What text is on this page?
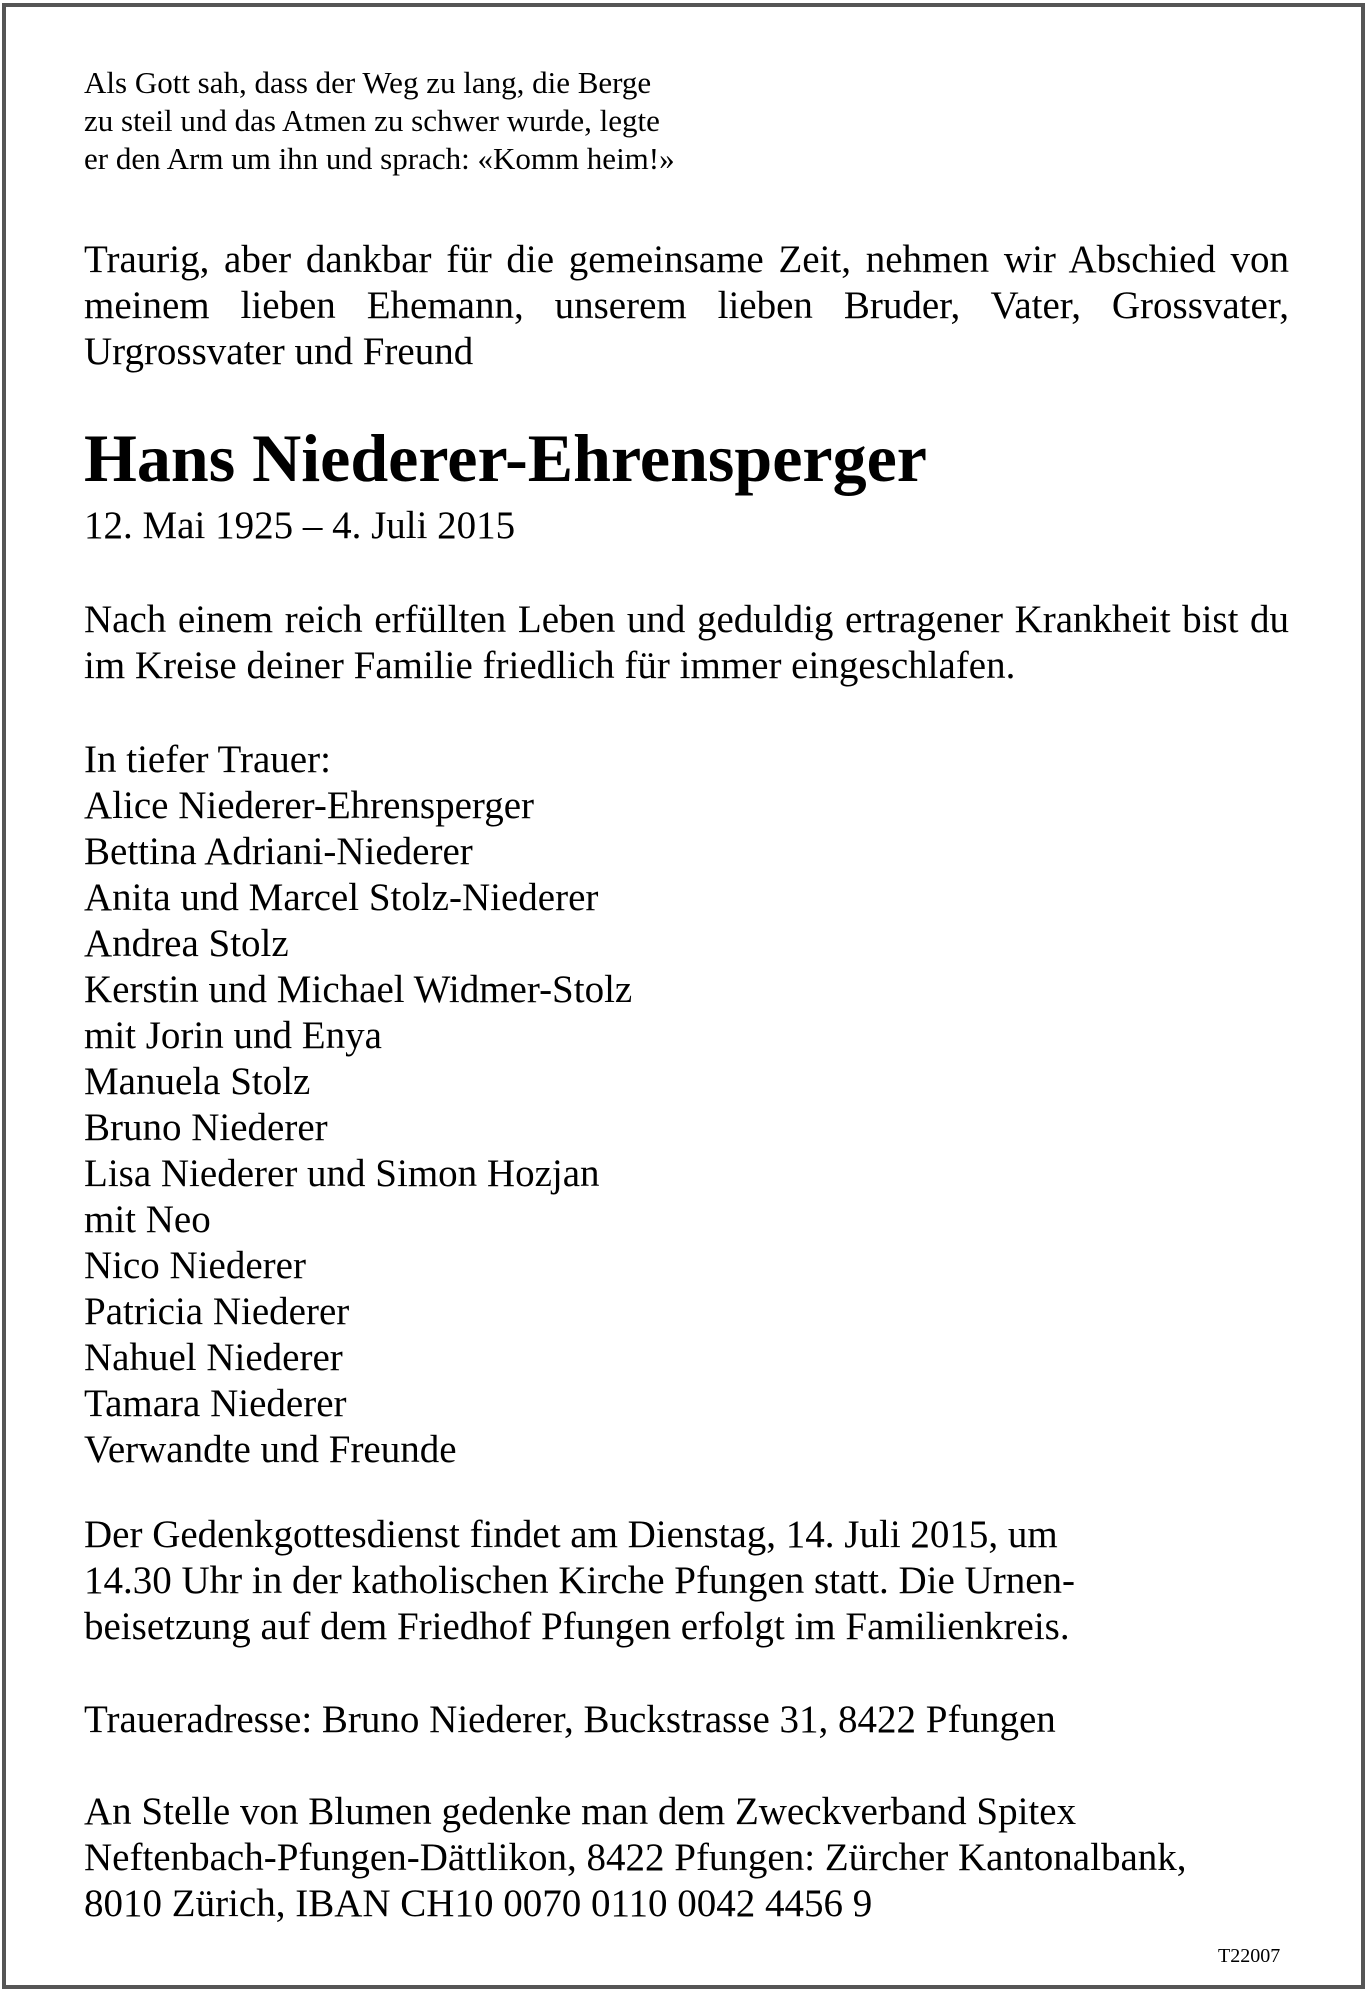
Als Gott sah, dass der Weg zu lang, die Berge
zu steil und das Atmen zu schwer wurde, legte
er den Arm um ihn und sprach: «Komm heim!»
Traurig, aber dankbar für die gemeinsame Zeit, nehmen wir Abschied von meinem lieben Ehemann, unserem lieben Bruder, Vater, Grossvater, Urgrossvater und Freund
Hans Niederer-Ehrensperger
12. Mai 1925 – 4. Juli 2015
Nach einem reich erfüllten Leben und geduldig ertragener Krankheit bist du im Kreise deiner Familie friedlich für immer eingeschlafen.
In tiefer Trauer:
Alice Niederer-Ehrensperger
Bettina Adriani-Niederer
Anita und Marcel Stolz-Niederer
Andrea Stolz
Kerstin und Michael Widmer-Stolz
mit Jorin und Enya
Manuela Stolz
Bruno Niederer
Lisa Niederer und Simon Hozjan
mit Neo
Nico Niederer
Patricia Niederer
Nahuel Niederer
Tamara Niederer
Verwandte und Freunde
Der Gedenkgottesdienst findet am Dienstag, 14. Juli 2015, um
14.30 Uhr in der katholischen Kirche Pfungen statt. Die Urnen-
beisetzung auf dem Friedhof Pfungen erfolgt im Familienkreis.
Traueradresse: Bruno Niederer, Buckstrasse 31, 8422 Pfungen
An Stelle von Blumen gedenke man dem Zweckverband Spitex
Neftenbach-Pfungen-Dättlikon, 8422 Pfungen: Zürcher Kantonalbank,
8010 Zürich, IBAN CH10 0070 0110 0042 4456 9
T22007
